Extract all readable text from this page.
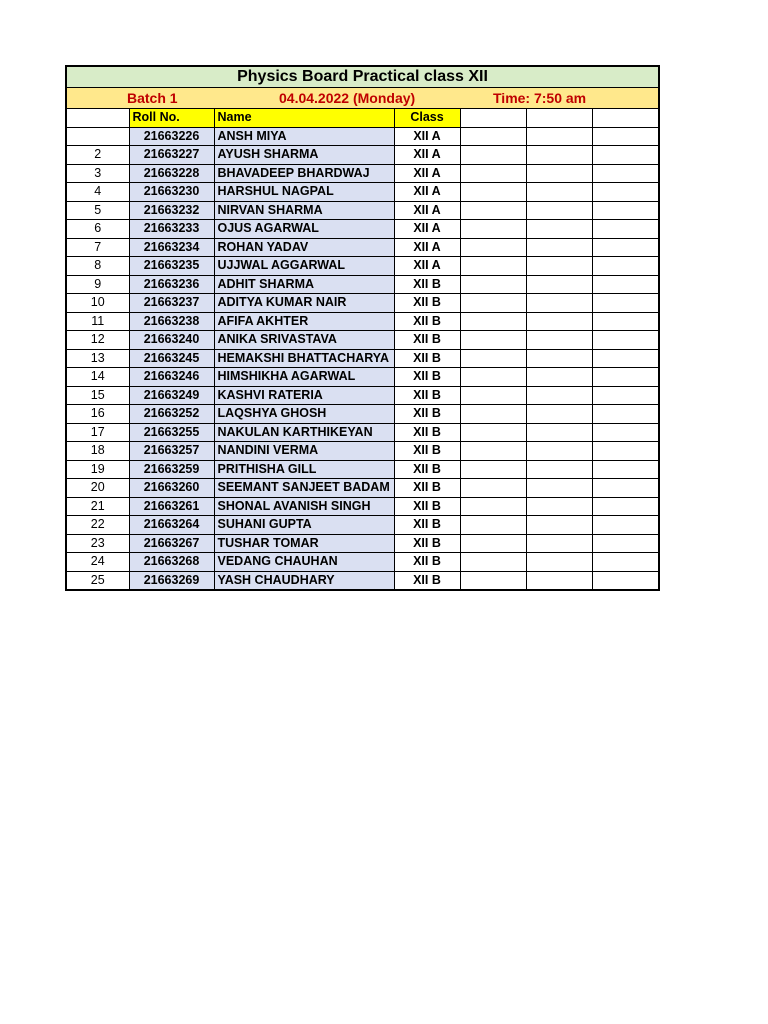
Physics Board Practical class XII
Batch 1	04.04.2022 (Monday)	Time: 7:50 am
	Roll No.	Name	Class			
	21663226	ANSH MIYA	XII A			
2	21663227	AYUSH SHARMA	XII A			
3	21663228	BHAVADEEP BHARDWAJ	XII A			
4	21663230	HARSHUL NAGPAL	XII A			
5	21663232	NIRVAN SHARMA	XII A			
6	21663233	OJUS AGARWAL	XII A			
7	21663234	ROHAN YADAV	XII A			
8	21663235	UJJWAL AGGARWAL	XII A			
9	21663236	ADHIT SHARMA	XII B			
10	21663237	ADITYA KUMAR NAIR	XII B			
11	21663238	AFIFA AKHTER	XII B			
12	21663240	ANIKA SRIVASTAVA	XII B			
13	21663245	HEMAKSHI BHATTACHARYA	XII B			
14	21663246	HIMSHIKHA AGARWAL	XII B			
15	21663249	KASHVI RATERIA	XII B			
16	21663252	LAQSHYA GHOSH	XII B			
17	21663255	NAKULAN KARTHIKEYAN	XII B			
18	21663257	NANDINI VERMA	XII B			
19	21663259	PRITHISHA GILL	XII B			
20	21663260	SEEMANT SANJEET BADAM	XII B			
21	21663261	SHONAL AVANISH SINGH	XII B			
22	21663264	SUHANI GUPTA	XII B			
23	21663267	TUSHAR TOMAR	XII B			
24	21663268	VEDANG CHAUHAN	XII B			
25	21663269	YASH CHAUDHARY	XII B			
